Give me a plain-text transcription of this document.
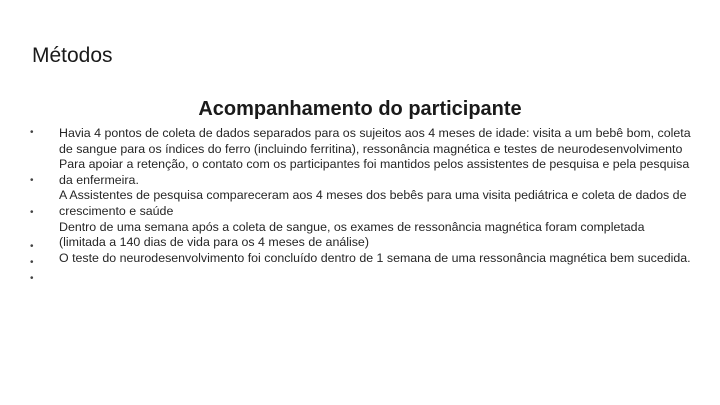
Métodos
Acompanhamento do participante
•
•
•
•
•
•

Havia 4 pontos de coleta de dados separados para os sujeitos aos 4 meses de idade: visita a um bebê bom, coleta de sangue para os índices do ferro (incluindo ferritina), ressonância magnética e testes de neurodesenvolvimento

Para apoiar a retenção, o contato com os participantes foi mantidos pelos assistentes de pesquisa e pela pesquisa da enfermeira.

A Assistentes de pesquisa compareceram aos 4 meses dos bebês para uma visita pediátrica e coleta de dados de crescimento e saúde

Dentro de uma semana após a coleta de sangue, os exames de ressonância magnética foram completada (limitada a 140 dias de vida para os 4 meses de análise)

O teste do neurodesenvolvimento foi concluído dentro de 1 semana de uma ressonância magnética bem sucedida.
